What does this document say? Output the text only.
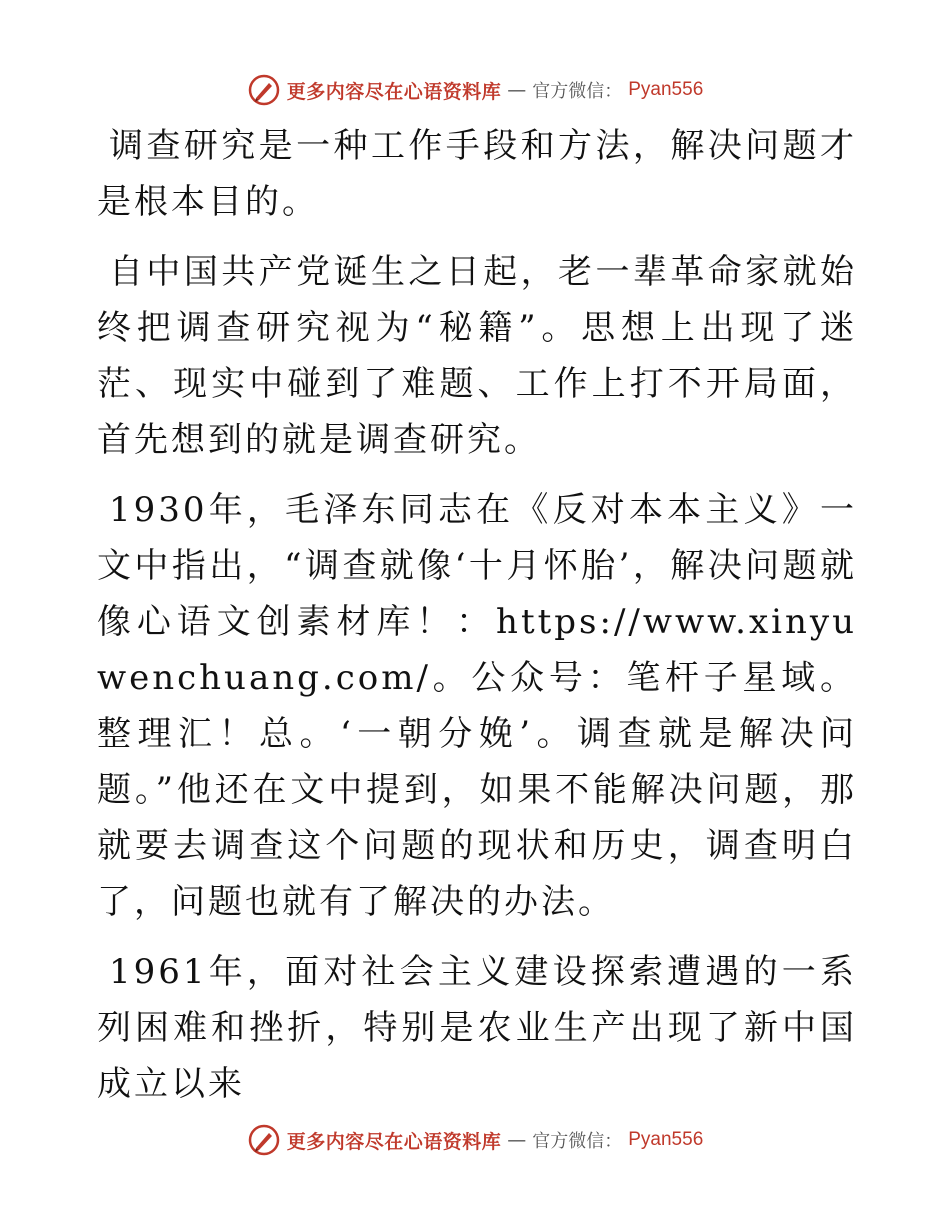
更多内容尽在心语资料库 — 官方微信： Pyan556

调查研究是一种工作手段和方法，解决问题才是根本目的。

自中国共产党诞生之日起，老一辈革命家就始终把调查研究视为“秘籍”。思想上出现了迷茫、现实中碰到了难题、工作上打不开局面，首先想到的就是调查研究。

1930年，毛泽东同志在《反对本本主义》一文中指出，“调查就像‘十月怀胎’，解决问题就像心语文创素材库！：https://www.xinyuwenchuang.com/。公众号：笔杆子星域。整理汇！总。‘一朝分娩’。调查就是解决问题。”他还在文中提到，如果不能解决问题，那就要去调查这个问题的现状和历史，调查明白了，问题也就有了解决的办法。

1961年，面对社会主义建设探索遭遇的一系列困难和挫折，特别是农业生产出现了新中国成立以来

更多内容尽在心语资料库 — 官方微信： Pyan556
